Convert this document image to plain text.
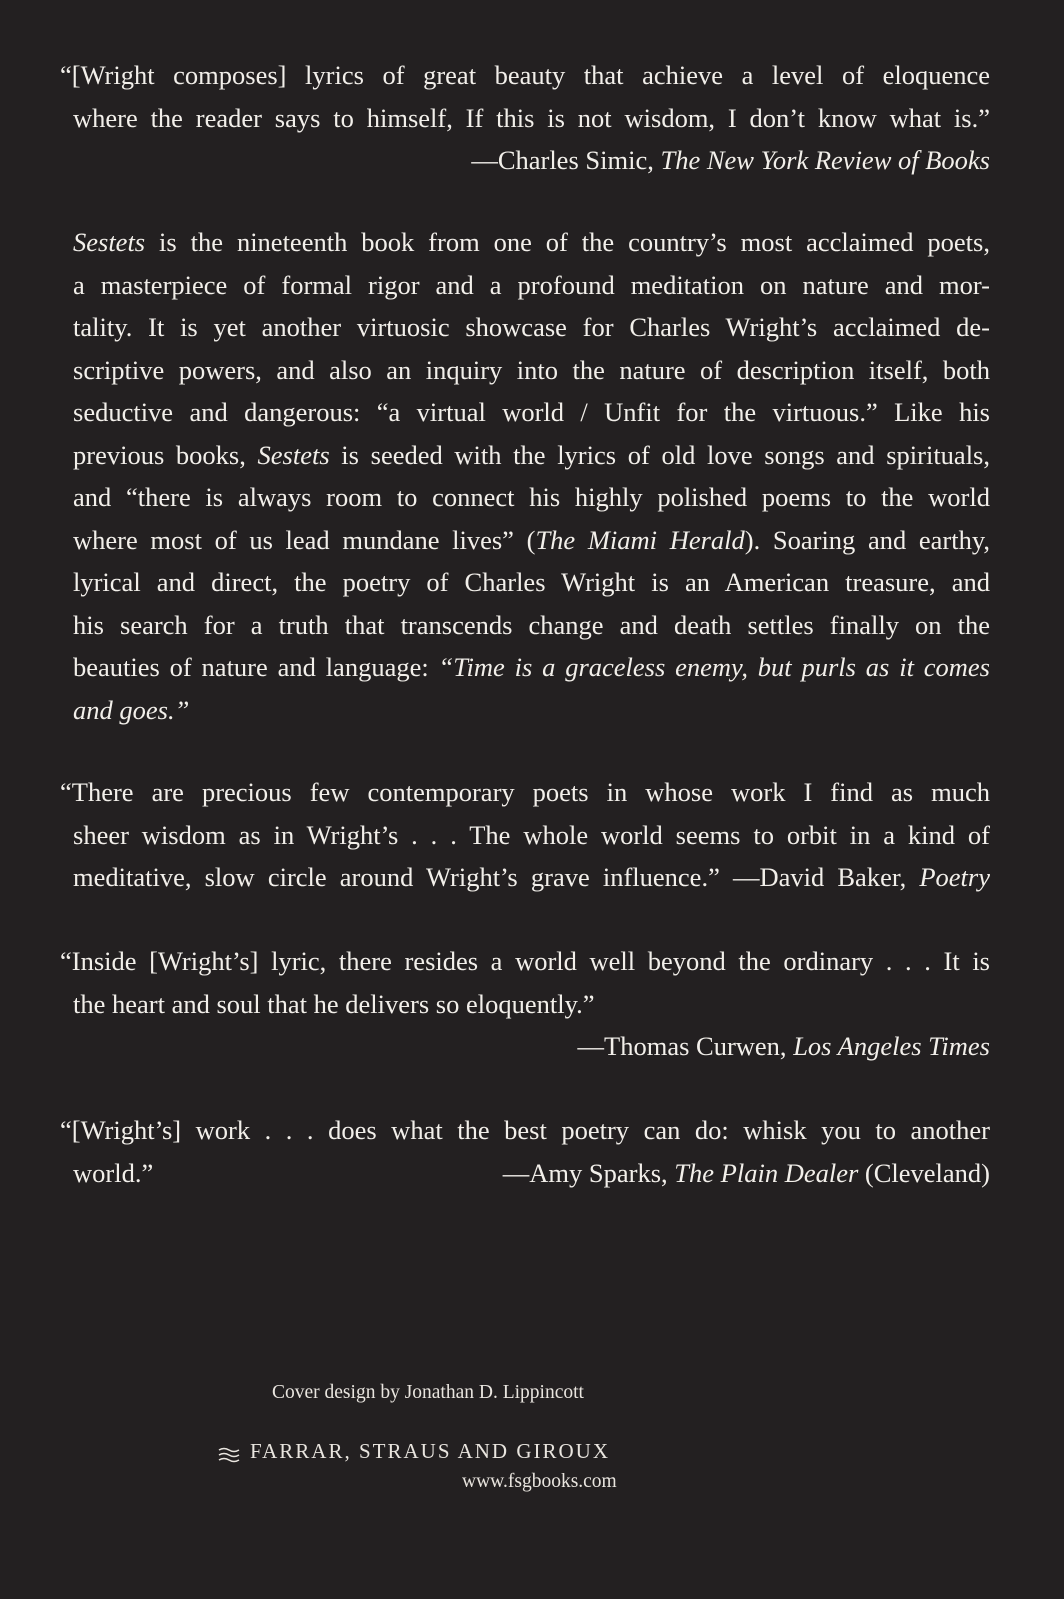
“[Wright composes] lyrics of great beauty that achieve a level of eloquence
where the reader says to himself, If this is not wisdom, I don’t know what is.”
—Charles Simic, The New York Review of Books
Sestets is the nineteenth book from one of the country’s most acclaimed poets,
a masterpiece of formal rigor and a profound meditation on nature and mor-
tality. It is yet another virtuosic showcase for Charles Wright’s acclaimed de-
scriptive powers, and also an inquiry into the nature of description itself, both
seductive and dangerous: “a virtual world / Unfit for the virtuous.” Like his
previous books, Sestets is seeded with the lyrics of old love songs and spirituals,
and “there is always room to connect his highly polished poems to the world
where most of us lead mundane lives” (The Miami Herald). Soaring and earthy,
lyrical and direct, the poetry of Charles Wright is an American treasure, and
his search for a truth that transcends change and death settles finally on the
beauties of nature and language: “Time is a graceless enemy, but purls as it comes
and goes.”
“There are precious few contemporary poets in whose work I find as much
sheer wisdom as in Wright’s . . . The whole world seems to orbit in a kind of
meditative, slow circle around Wright’s grave influence.” —David Baker, Poetry
“Inside [Wright’s] lyric, there resides a world well beyond the ordinary . . . It is
the heart and soul that he delivers so eloquently.”
—Thomas Curwen, Los Angeles Times
“[Wright’s] work . . . does what the best poetry can do: whisk you to another
world.”	—Amy Sparks, The Plain Dealer (Cleveland)
Cover design by Jonathan D. Lippincott
FARRAR, STRAUS AND GIROUX
www.fsgbooks.com
